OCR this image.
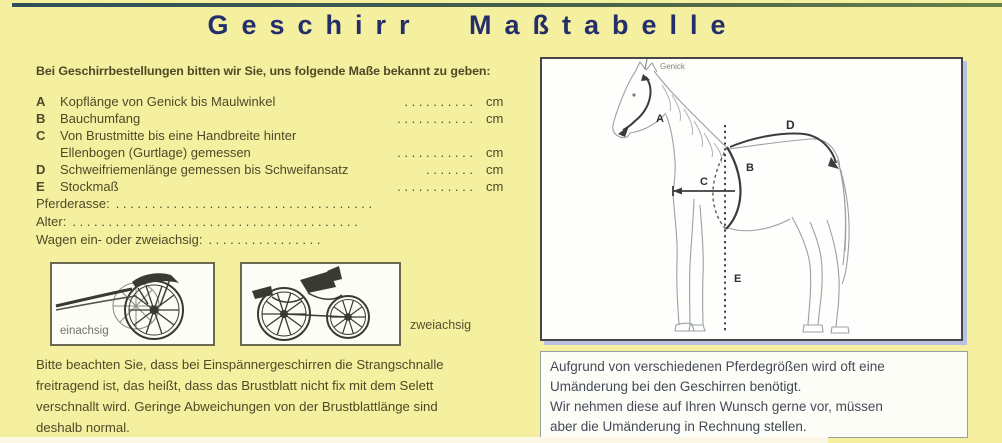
Geschirr Maßtabelle
Bei Geschirrbestellungen bitten wir Sie, uns folgende Maße bekannt zu geben:
A	Kopflänge von Genick bis Maulwinkel	. . . . . . . . . . cm
B	Bauchumfang	. . . . . . . . . . . cm
C	Von Brustmitte bis eine Handbreite hinter
Ellenbogen (Gurtlage) gemessen	. . . . . . . . . . . cm
D	Schweifriemenlänge gemessen bis Schweifansatz	. . . . . . . cm
E	Stockmaß	. . . . . . . . . . . cm
Pferderasse: . . . . . . . . . . . . . . . . . . . . . . . . . . . . . . . . . . . .
Alter: . . . . . . . . . . . . . . . . . . . . . . . . . . . . . . . . . . . . . . . .
Wagen ein- oder zweiachsig: . . . . . . . . . . . . . . . .
einachsig	zweiachsig
Bitte beachten Sie, dass bei Einspännergeschirren die Strangschnalle
freitragend ist, das heißt, dass das Brustblatt nicht fix mit dem Selett
verschnallt wird. Geringe Abweichungen von der Brustblattlänge sind
deshalb normal.
Genick
A
B
C
D
E
Aufgrund von verschiedenen Pferdegrößen wird oft eine
Umänderung bei den Geschirren benötigt.
Wir nehmen diese auf Ihren Wunsch gerne vor, müssen
aber die Umänderung in Rechnung stellen.
